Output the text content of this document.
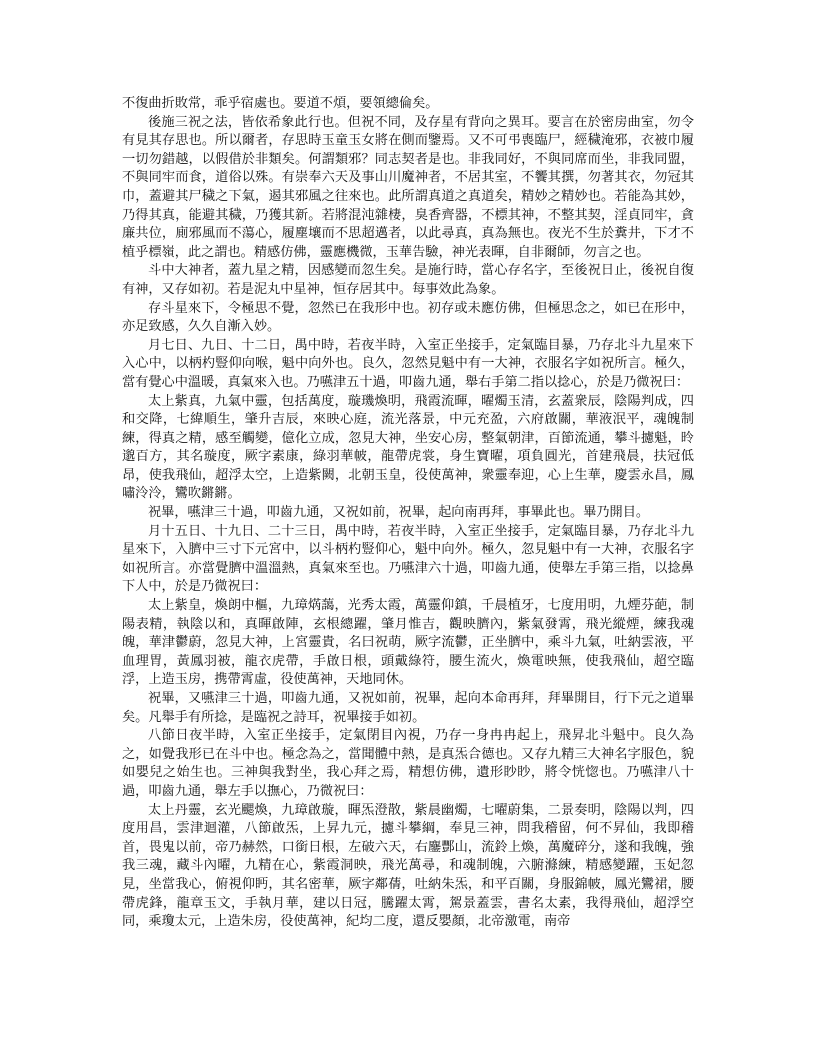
不復曲折敗常，乖乎宿處也。要道不煩，要領總倫矣。

後施三祝之法，皆依希象此行也。但祝不同，及存星有背向之異耳。要言在於密房曲室，勿令有見其存思也。所以爾者，存思時玉童玉女將在側而鑒焉。又不可弔喪臨尸，經穢淹邪，衣被巾履一切勿錯越，以假借於非類矣。何謂類邪？同志契者是也。非我同好，不與同席而坐，非我同盟，不與同牢而食，道俗以殊。有崇奉六天及事山川魔神者，不居其室，不饗其撰，勿著其衣，勿冠其巾，蓋避其尸穢之下氣，遏其邪風之往來也。此所謂真道之真道矣，精妙之精妙也。若能為其妙，乃得其真，能避其穢，乃獲其新。若將混沌雜棲，臭香齊器，不標其神，不整其契，淫貞同牢，貪廉共位，廁邪風而不蕩心，履塵壤而不思超邁者，以此尋真，真為無也。夜光不生於糞井，下才不植乎標嶺，此之謂也。精感仿佛，靈應機微，玉華告驗，神光表暉，自非爾師，勿言之也。

斗中大神者，蓋九星之精，因感變而忽生矣。是施行時，當心存名字，至後祝日止，後祝自復有神，又存如初。若是泥丸中星神，恒存居其中。每事效此為象。

存斗星來下，令極思不覺，忽然已在我形中也。初存或未應仿佛，但極思念之，如已在形中，亦足致感，久久自漸入妙。

月七日、九日、十二日，禺中時，若夜半時，入室正坐接手，定氣臨目暴，乃存北斗九星來下入心中，以柄杓豎仰向喉，魁中向外也。良久，忽然見魁中有一大神，衣服名字如祝所言。極久，當有覺心中溫暖，真氣來入也。乃嚥津五十過，叩齒九通，舉右手第二指以捻心，於是乃微祝曰：

太上紫真，九氣中靈，包括萬度，璇璣煥明，飛霞流暉，曜燭玉清，玄蓋衆辰，陰陽判成，四和交降，七緯順生，肇升吉辰，來映心庭，流光落景，中元充盈，六府啟關，華液泯平，魂魄制練，得真之精，感至觸變，億化立成，忽見大神，坐安心房，整氣朝津，百節流通，攀斗攄魁，昤邈百方，其名璇度，厥字素康，綠羽華帔，龍帶虎裳，身生寶曜，項負圓光，首建飛晨，扶冠低昂，使我飛仙，超浮太空，上造紫闕，北朝玉皇，役使萬神，衆靈奉迎，心上生華，慶雲永昌，鳳嘯泠泠，鸞吹鏘鏘。

祝畢，嚥津三十過，叩齒九通，又祝如前，祝畢，起向南再拜，事畢此也。畢乃開目。

月十五日、十九日、二十三日，禺中時，若夜半時，入室正坐接手，定氣臨目暴，乃存北斗九星來下，入臍中三寸下元宮中，以斗柄杓豎仰心，魁中向外。極久，忽見魁中有一大神，衣服名字如祝所言。亦當覺臍中溫溫熱，真氣來至也。乃嚥津六十過，叩齒九通，使舉左手第三指，以捻鼻下人中，於是乃微祝曰：

太上紫皇，煥朗中樞，九璋焫藹，光秀太霞，萬靈仰鎮，千晨植牙，七度用明，九煙芬葩，制陽表精，執陰以和，真暉啟陣，玄根總躍，肇月惟吉，觀映臍內，紫氣發霄，飛光縱煙，練我魂魄，華津鬱蔚，忽見大神，上宮靈貴，名曰祝萌，厥字流鬱，正坐臍中，乘斗九氣，吐納雲液，平血理胃，黃鳳羽被，龍衣虎帶，手啟日根，頭戴綠符，腰生流火，煥電映無，使我飛仙，超空臨浮，上造玉房，携帶霄虛，役使萬神，天地同休。

祝畢，又嚥津三十過，叩齒九通，又祝如前，祝畢，起向本命再拜，拜畢開目，行下元之道畢矣。凡舉手有所捻，是臨祝之詩耳，祝畢接手如初。

八節日夜半時，入室正坐接手，定氣閉目內視，乃存一身冉冉起上，飛昇北斗魁中。良久為之，如覺我形已在斗中也。極念為之，當聞體中熱，是真炁合德也。又存九精三大神名字服色，貌如嬰兒之始生也。三神與我對坐，我心拜之焉，精想仿佛，遺形眇眇，將令恍惚也。乃嚥津八十過，叩齒九通，舉左手以撫心，乃微祝曰：

太上丹靈，玄光颸煥，九璋啟璇，暉炁澄散，紫晨幽燭，七曜蔚集，二景奏明，陰陽以判，四度用昌，雲津迴灌，八節啟炁，上昇九元，攄斗攀綱，奉見三神，問我稽留，何不昇仙，我即稽首，畏鬼以前，帝乃赫然，口銜日根，左破六天，右鏖酆山，流鈴上煥，萬魔碎分，遂和我魄，強我三魂，藏斗內曜，九精在心，紫霞洞映，飛光萬尋，和魂制魄，六腑滌練，精感變躍，玉妃忽見，坐當我心，俯視仰眄，其名密華，厥字鄰蒨，吐納朱炁，和平百關，身服錦帔，鳳光鸞裙，腰帶虎鋒，龍章玉文，手執月華，建以日冠，騰躍太霄，駕景蓋雲，書名太素，我得飛仙，超浮空同，乘瓊太元，上造朱房，役使萬神，紀均二度，還反嬰顏，北帝激電，南帝
